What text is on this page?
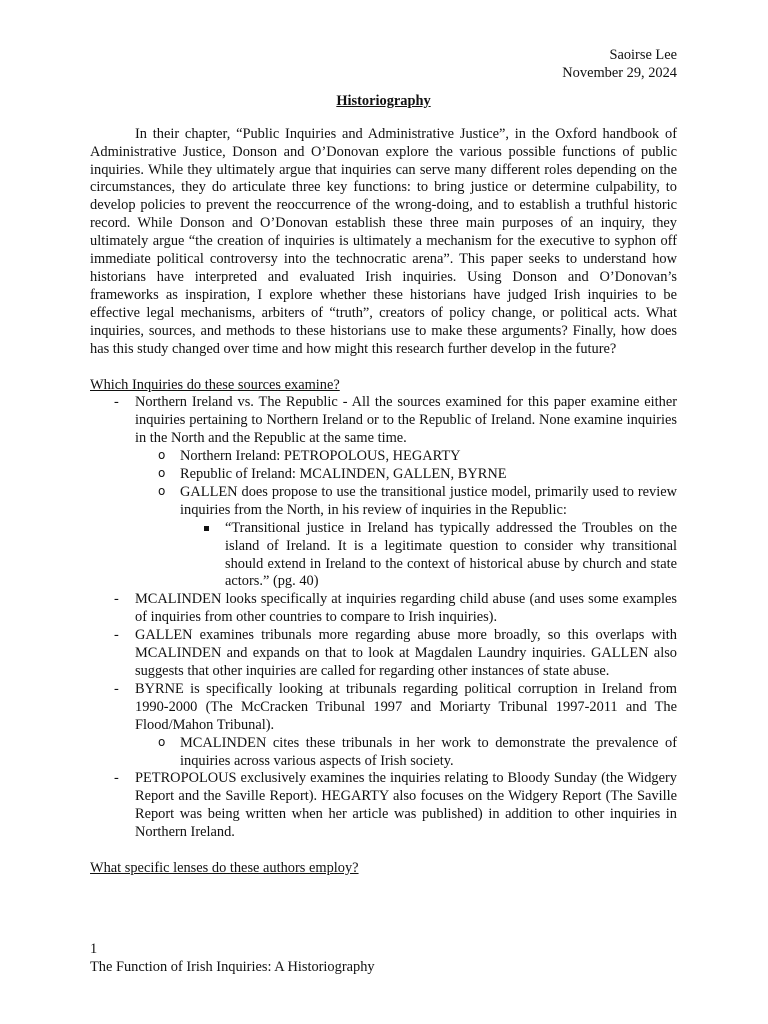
Saoirse Lee
November 29, 2024
Historiography

In their chapter, “Public Inquiries and Administrative Justice”, in the Oxford handbook of Administrative Justice, Donson and O’Donovan explore the various possible functions of public inquiries. While they ultimately argue that inquiries can serve many different roles depending on the circumstances, they do articulate three key functions: to bring justice or determine culpability, to develop policies to prevent the reoccurrence of the wrong-doing, and to establish a truthful historic record. While Donson and O’Donovan establish these three main purposes of an inquiry, they ultimately argue “the creation of inquiries is ultimately a mechanism for the executive to syphon off immediate political controversy into the technocratic arena”. This paper seeks to understand how historians have interpreted and evaluated Irish inquiries. Using Donson and O’Donovan’s frameworks as inspiration, I explore whether these historians have judged Irish inquiries to be effective legal mechanisms, arbiters of “truth”, creators of policy change, or political acts. What inquiries, sources, and methods to these historians use to make these arguments? Finally, how does has this study changed over time and how might this research further develop in the future?

Which Inquiries do these sources examine?
- Northern Ireland vs. The Republic - All the sources examined for this paper examine either inquiries pertaining to Northern Ireland or to the Republic of Ireland. None examine inquiries in the North and the Republic at the same time.
o Northern Ireland: PETROPOLOUS, HEGARTY
o Republic of Ireland: MCALINDEN, GALLEN, BYRNE
o GALLEN does propose to use the transitional justice model, primarily used to review inquiries from the North, in his review of inquiries in the Republic:
“Transitional justice in Ireland has typically addressed the Troubles on the island of Ireland. It is a legitimate question to consider why transitional should extend in Ireland to the context of historical abuse by church and state actors.” (pg. 40)
- MCALINDEN looks specifically at inquiries regarding child abuse (and uses some examples of inquiries from other countries to compare to Irish inquiries).
- GALLEN examines tribunals more regarding abuse more broadly, so this overlaps with MCALINDEN and expands on that to look at Magdalen Laundry inquiries. GALLEN also suggests that other inquiries are called for regarding other instances of state abuse.
- BYRNE is specifically looking at tribunals regarding political corruption in Ireland from 1990-2000 (The McCracken Tribunal 1997 and Moriarty Tribunal 1997-2011 and The Flood/Mahon Tribunal).
o MCALINDEN cites these tribunals in her work to demonstrate the prevalence of inquiries across various aspects of Irish society.
- PETROPOLOUS exclusively examines the inquiries relating to Bloody Sunday (the Widgery Report and the Saville Report). HEGARTY also focuses on the Widgery Report (The Saville Report was being written when her article was published) in addition to other inquiries in Northern Ireland.
What specific lenses do these authors employ?
1
The Function of Irish Inquiries: A Historiography
